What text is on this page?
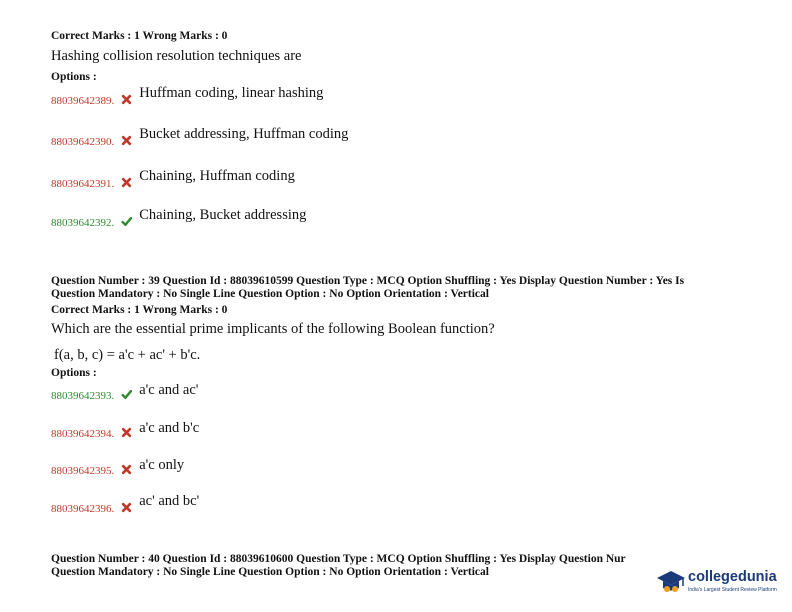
Correct Marks : 1 Wrong Marks : 0
Hashing collision resolution techniques are
Options :
88039642389. Huffman coding, linear hashing
88039642390. Bucket addressing, Huffman coding
88039642391. Chaining, Huffman coding
88039642392. Chaining, Bucket addressing
Question Number : 39 Question Id : 88039610599 Question Type : MCQ Option Shuffling : Yes Display Question Number : Yes Is
Question Mandatory : No Single Line Question Option : No Option Orientation : Vertical
Correct Marks : 1 Wrong Marks : 0
Which are the essential prime implicants of the following Boolean function?
f(a, b, c) = a'c + ac' + b'c.
Options :
88039642393. a'c and ac'
88039642394. a'c and b'c
88039642395. a'c only
88039642396. ac' and bc'
Question Number : 40 Question Id : 88039610600 Question Type : MCQ Option Shuffling : Yes Display Question Nur
Question Mandatory : No Single Line Question Option : No Option Orientation : Vertical	collegedunia
India's Largest Student Review Platform
